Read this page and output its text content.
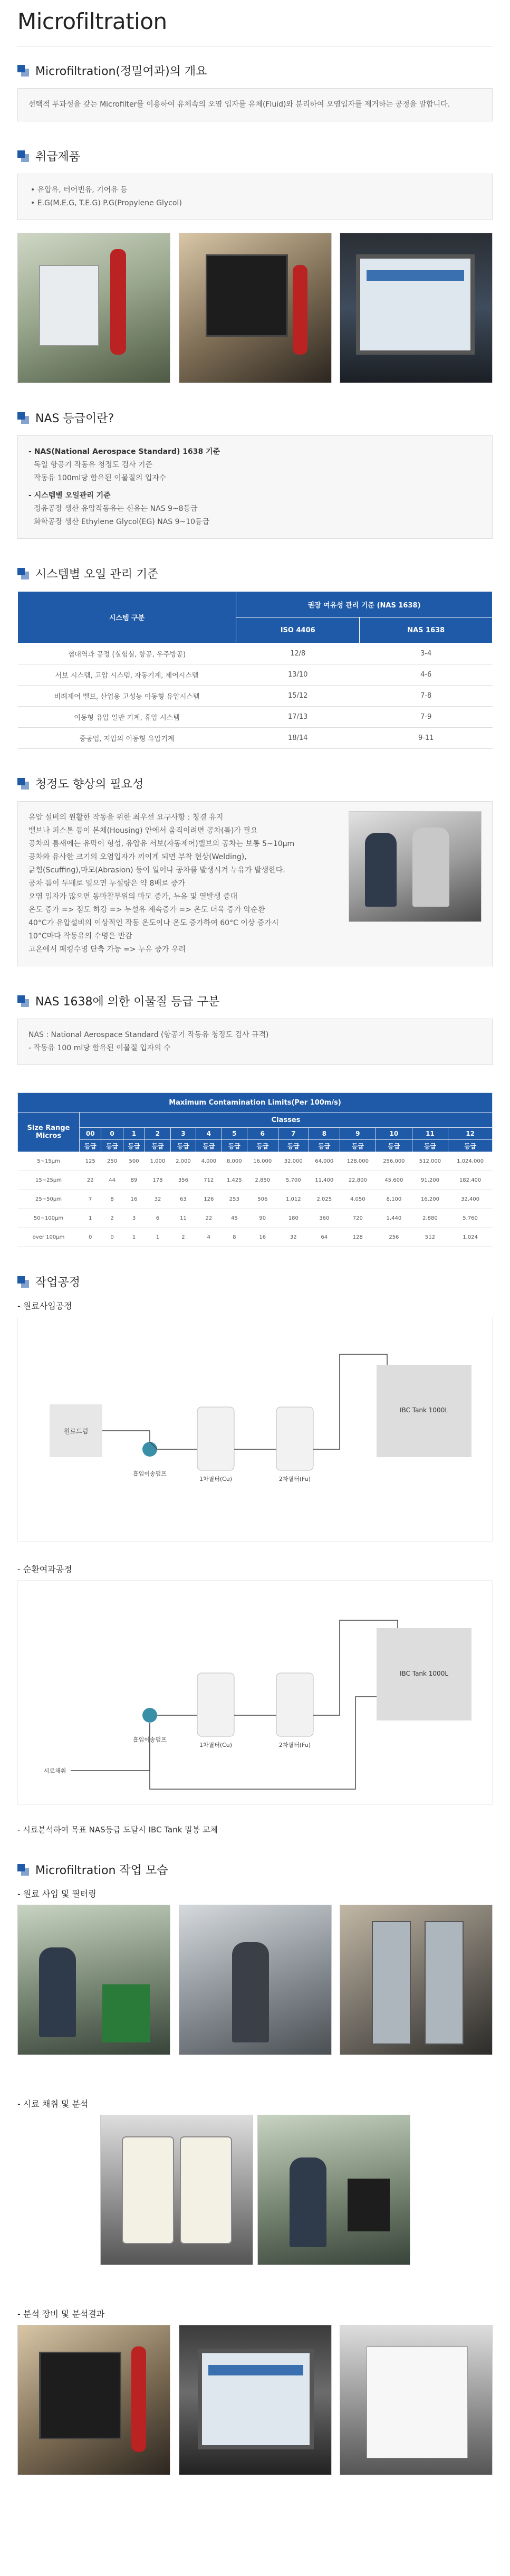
Microfiltration
Microfiltration(정밀여과)의 개요

선택적 투과성을 갖는 Microfilter를 이용하여 유체속의 오염 입자를 유체(Fluid)와 분리하여 오염입자를 제거하는 공정을 말합니다.

취급제품
• 유압유, 터어빈유, 기어유 등
• E.G(M.E.G, T.E.G) P.G(Propylene Glycol)
NAS 등급이란?
- NAS(National Aerospace Standard) 1638 기준
독일 항공기 작동유 청정도 검사 기준
작동유 100ml당 함유된 이물질의 입자수
- 시스템별 오일관리 기준
정유공장 생산 유압작동유는 신유는 NAS 9~8등급
화학공장 생산 Ethylene Glycol(EG) NAS 9~10등급
시스템별 오일 관리 기준
시스템 구분	권장 여유성 관리 기준 (NAS 1638)	
	ISO 4406	NAS 1638
협대역과 공정 (실험실, 항공, 우주방공)	12/8	3-4
서보 시스템, 고압 시스템, 자동기계, 제어시스템	13/10	4-6
비례제어 밸브, 산업용 고성능 이동형 유압시스템	15/12	7-8
이동형 유압 일반 기계, 휴압 시스템	17/13	7-9
중공업, 저압의 이동형 유압기계	18/14	9-11
청정도 향상의 필요성
유압 설비의 원활한 작동을 위한 최우선 요구사항 : 청결 유지
밸브나 피스톤 등이 본체(Housing) 안에서 움직이려면 공차(틈)가 필요
공차의 틈새에는 유막이 형성, 유압유 서보(자동제어)밸브의 공차는 보통 5~10μm
공차와 유사한 크기의 오염입자가 끼이게 되면 부착 현상(Welding),
긁힘(Scuffing),마모(Abrasion) 등이 일어나 공차를 발생시켜 누유가 발생한다.
공차 틈이 두배로 일으면 누설량은 약 8배로 증가
오염 입자가 많으면 동마찰부위의 마모 증가, 누유 및 열발생 증대
온도 증가 => 점도 하강 => 누설유 계속증가 => 온도 더욱 증가 악순환
40°C가 유압설비의 이상적인 작동 온도이나 온도 증가하여 60°C 이상 증가시
10°C마다 작동유의 수명은 반감
고온에서 패킹수명 단축 가능 => 누유 증가 우려
NAS 1638에 의한 이물질 등급 구분

NAS : National Aerospace Standard (항공기 작동유 청정도 검사 규격)

- 작동유 100 ml당 함유된 이물질 입자의 수

Maximum Contamination Limits(Per 100m/s)														
Size Range Micros	Classes													
	00	0	1	2	3	4	5	6	7	8	9	10	11	12
	등급	등급	등급	등급	등급	등급	등급	등급	등급	등급	등급	등급	등급	등급
5~15μm	125	250	500	1,000	2,000	4,000	8,000	16,000	32,000	64,000	128,000	256,000	512,000	1,024,000
15~25μm	22	44	89	178	356	712	1,425	2,850	5,700	11,400	22,800	45,600	91,200	182,400
25~50μm	7	8	16	32	63	126	253	506	1,012	2,025	4,050	8,100	16,200	32,400
50~100μm	1	2	3	6	11	22	45	90	180	360	720	1,440	2,880	5,760
over 100μm	0	0	1	1	2	4	8	16	32	64	128	256	512	1,024
작업공정
- 원료사입공정
원료드럼
흡입이송펌프
1차필터(Cu)	2차필터(Fu)
IBC Tank 1000L
- 순환여과공정
시료채취
흡입이송펌프
1차필터(Cu)	2차필터(Fu)
IBC Tank 1000L
- 시료분석하여 목표 NAS등급 도달시 IBC Tank 밀봉 교체
Microfiltration 작업 모습
- 원료 사입 및 필터링
- 시료 채취 및 분석
- 분석 장비 및 분석결과
